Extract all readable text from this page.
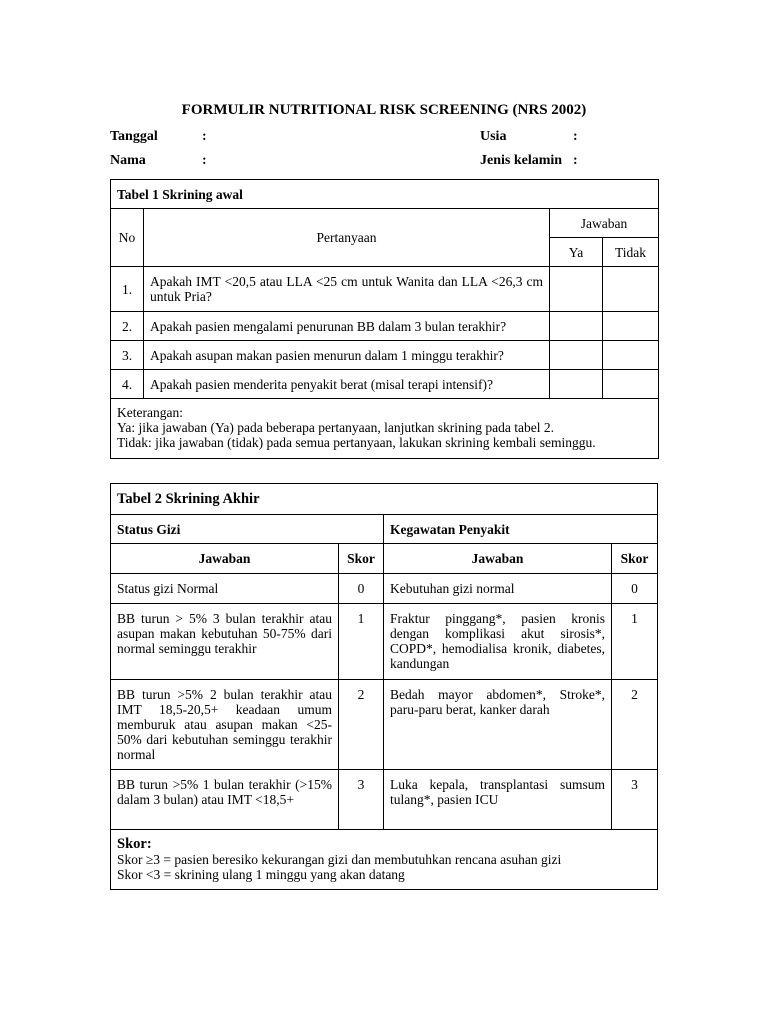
FORMULIR NUTRITIONAL RISK SCREENING (NRS 2002)
Tanggal	:	Usia	:
Nama	:	Jenis kelamin :
Tabel 1 Skrining awal			
No	Pertanyaan	Jawaban	
		Ya	Tidak
1.	Apakah IMT <20,5 atau LLA <25 cm untuk Wanita dan LLA <26,3 cm untuk Pria?		
2.	Apakah pasien mengalami penurunan BB dalam 3 bulan terakhir?		
3.	Apakah asupan makan pasien menurun dalam 1 minggu terakhir?		
4.	Apakah pasien menderita penyakit berat (misal terapi intensif)?		

Keterangan:
Ya: jika jawaban (Ya) pada beberapa pertanyaan, lanjutkan skrining pada tabel 2.
Tidak: jika jawaban (tidak) pada semua pertanyaan, lakukan skrining kembali seminggu.			
Tabel 2 Skrining Akhir			
Status Gizi		Kegawatan Penyakit	
Jawaban	Skor	Jawaban	Skor
Status gizi Normal	0	Kebutuhan gizi normal	0
BB turun > 5% 3 bulan terakhir atau asupan makan kebutuhan 50-75% dari normal seminggu terakhir	1	Fraktur pinggang*, pasien kronis dengan komplikasi akut sirosis*, COPD*, hemodialisa kronik, diabetes, kandungan	1
BB turun >5% 2 bulan terakhir atau IMT 18,5-20,5+ keadaan umum memburuk atau asupan makan <25-50% dari kebutuhan seminggu terakhir normal	2	Bedah mayor abdomen*, Stroke*, paru-paru berat, kanker darah	2
BB turun >5% 1 bulan terakhir (>15% dalam 3 bulan) atau IMT <18,5+	3	Luka kepala, transplantasi sumsum tulang*, pasien ICU	3

Skor:
Skor ≥3 = pasien beresiko kekurangan gizi dan membutuhkan rencana asuhan gizi
Skor <3 = skrining ulang 1 minggu yang akan datang			
